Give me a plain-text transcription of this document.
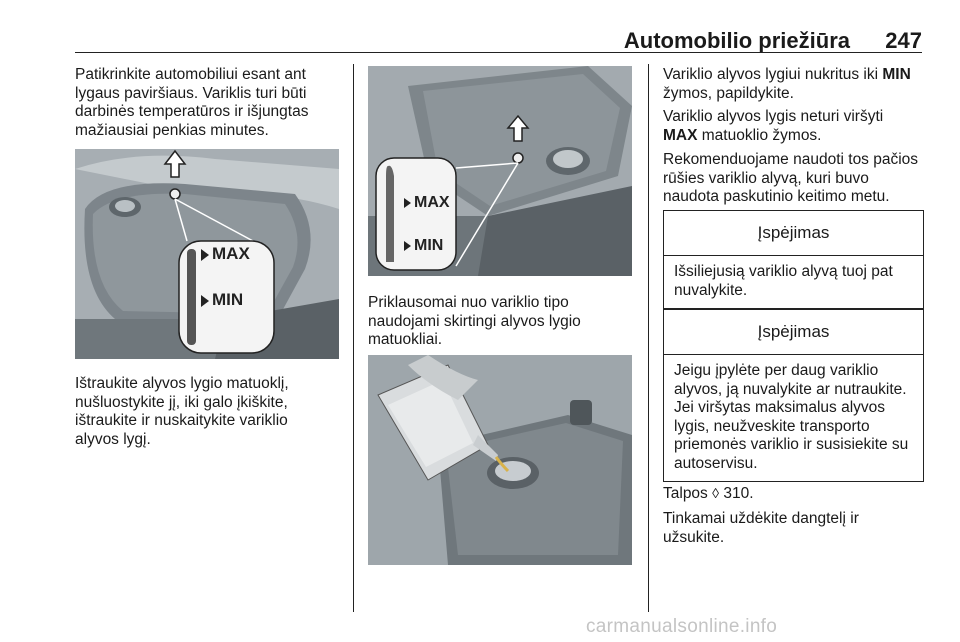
Automobilio priežiūra 247
Patikrinkite automobiliui esant ant
lygaus paviršiaus. Variklis turi būti
darbinės temperatūros ir išjungtas
mažiausiai penkias minutes.
MAX
MIN
Ištraukite alyvos lygio matuoklį,
nušluostykite jį, iki galo įkiškite,
ištraukite ir nuskaitykite variklio
alyvos lygį.
MAX
MIN
Priklausomai nuo variklio tipo
naudojami skirtingi alyvos lygio
matuokliai.
Variklio alyvos lygiui nukritus iki MIN
žymos, papildykite.
Variklio alyvos lygis neturi viršyti
MAX matuoklio žymos.
Rekomenduojame naudoti tos pačios
rūšies variklio alyvą, kuri buvo
naudota paskutinio keitimo metu.
Įspėjimas
Išsiliejusią variklio alyvą tuoj pat
nuvalykite.
Įspėjimas
Jeigu įpylėte per daug variklio
alyvos, ją nuvalykite ar nutraukite.
Jei viršytas maksimalus alyvos
lygis, neužveskite transporto
priemonės variklio ir susisiekite su
autoservisu.
Talpos ◊ 310.
Tinkamai uždėkite dangtelį ir
užsukite.
carmanualsonline.info
